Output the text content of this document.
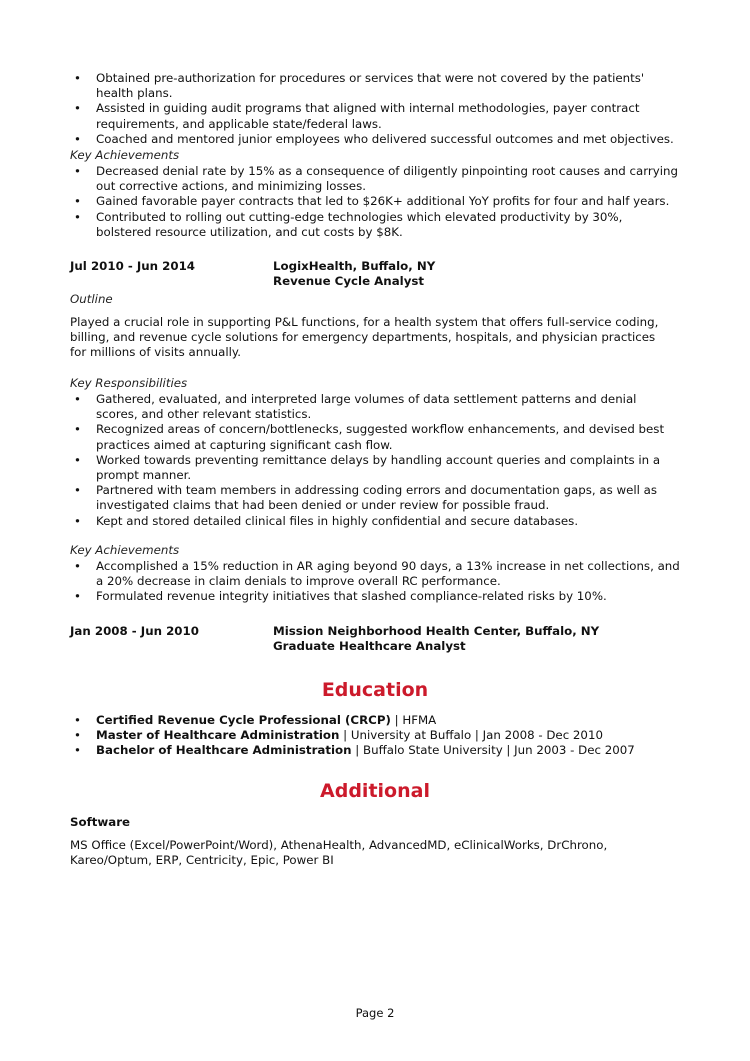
• Obtained pre-authorization for procedures or services that were not covered by the patients' health plans.
• Assisted in guiding audit programs that aligned with internal methodologies, payer contract requirements, and applicable state/federal laws.
• Coached and mentored junior employees who delivered successful outcomes and met objectives.
Key Achievements
• Decreased denial rate by 15% as a consequence of diligently pinpointing root causes and carrying out corrective actions, and minimizing losses.
• Gained favorable payer contracts that led to $26K+ additional YoY profits for four and half years.
• Contributed to rolling out cutting-edge technologies which elevated productivity by 30%, bolstered resource utilization, and cut costs by $8K.
Jul 2010 - Jun 2014	LogixHealth, Buffalo, NY
Revenue Cycle Analyst
Outline
Played a crucial role in supporting P&L functions, for a health system that offers full-service coding, billing, and revenue cycle solutions for emergency departments, hospitals, and physician practices for millions of visits annually.
Key Responsibilities
• Gathered, evaluated, and interpreted large volumes of data settlement patterns and denial scores, and other relevant statistics.
• Recognized areas of concern/bottlenecks, suggested workflow enhancements, and devised best practices aimed at capturing significant cash flow.
• Worked towards preventing remittance delays by handling account queries and complaints in a prompt manner.
• Partnered with team members in addressing coding errors and documentation gaps, as well as investigated claims that had been denied or under review for possible fraud.
• Kept and stored detailed clinical files in highly confidential and secure databases.
Key Achievements
• Accomplished a 15% reduction in AR aging beyond 90 days, a 13% increase in net collections, and a 20% decrease in claim denials to improve overall RC performance.
• Formulated revenue integrity initiatives that slashed compliance-related risks by 10%.
Jan 2008 - Jun 2010	Mission Neighborhood Health Center, Buffalo, NY
Graduate Healthcare Analyst
Education
• Certified Revenue Cycle Professional (CRCP) | HFMA
• Master of Healthcare Administration | University at Buffalo | Jan 2008 - Dec 2010
• Bachelor of Healthcare Administration | Buffalo State University | Jun 2003 - Dec 2007
Additional
Software
MS Office (Excel/PowerPoint/Word), AthenaHealth, AdvancedMD, eClinicalWorks, DrChrono, Kareo/Optum, ERP, Centricity, Epic, Power BI
Page 2
